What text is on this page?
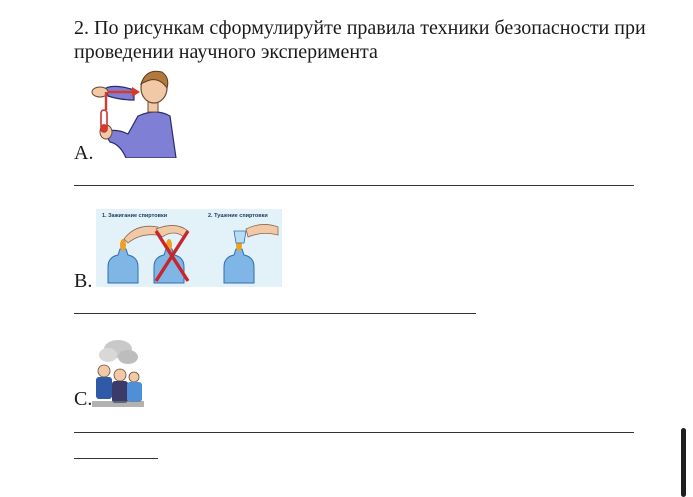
2. По рисункам сформулируйте правила техники безопасности при проведении научного эксперимента

A.
1. Зажигание спиртовки	2. Тушение спиртовки
B.
C.
